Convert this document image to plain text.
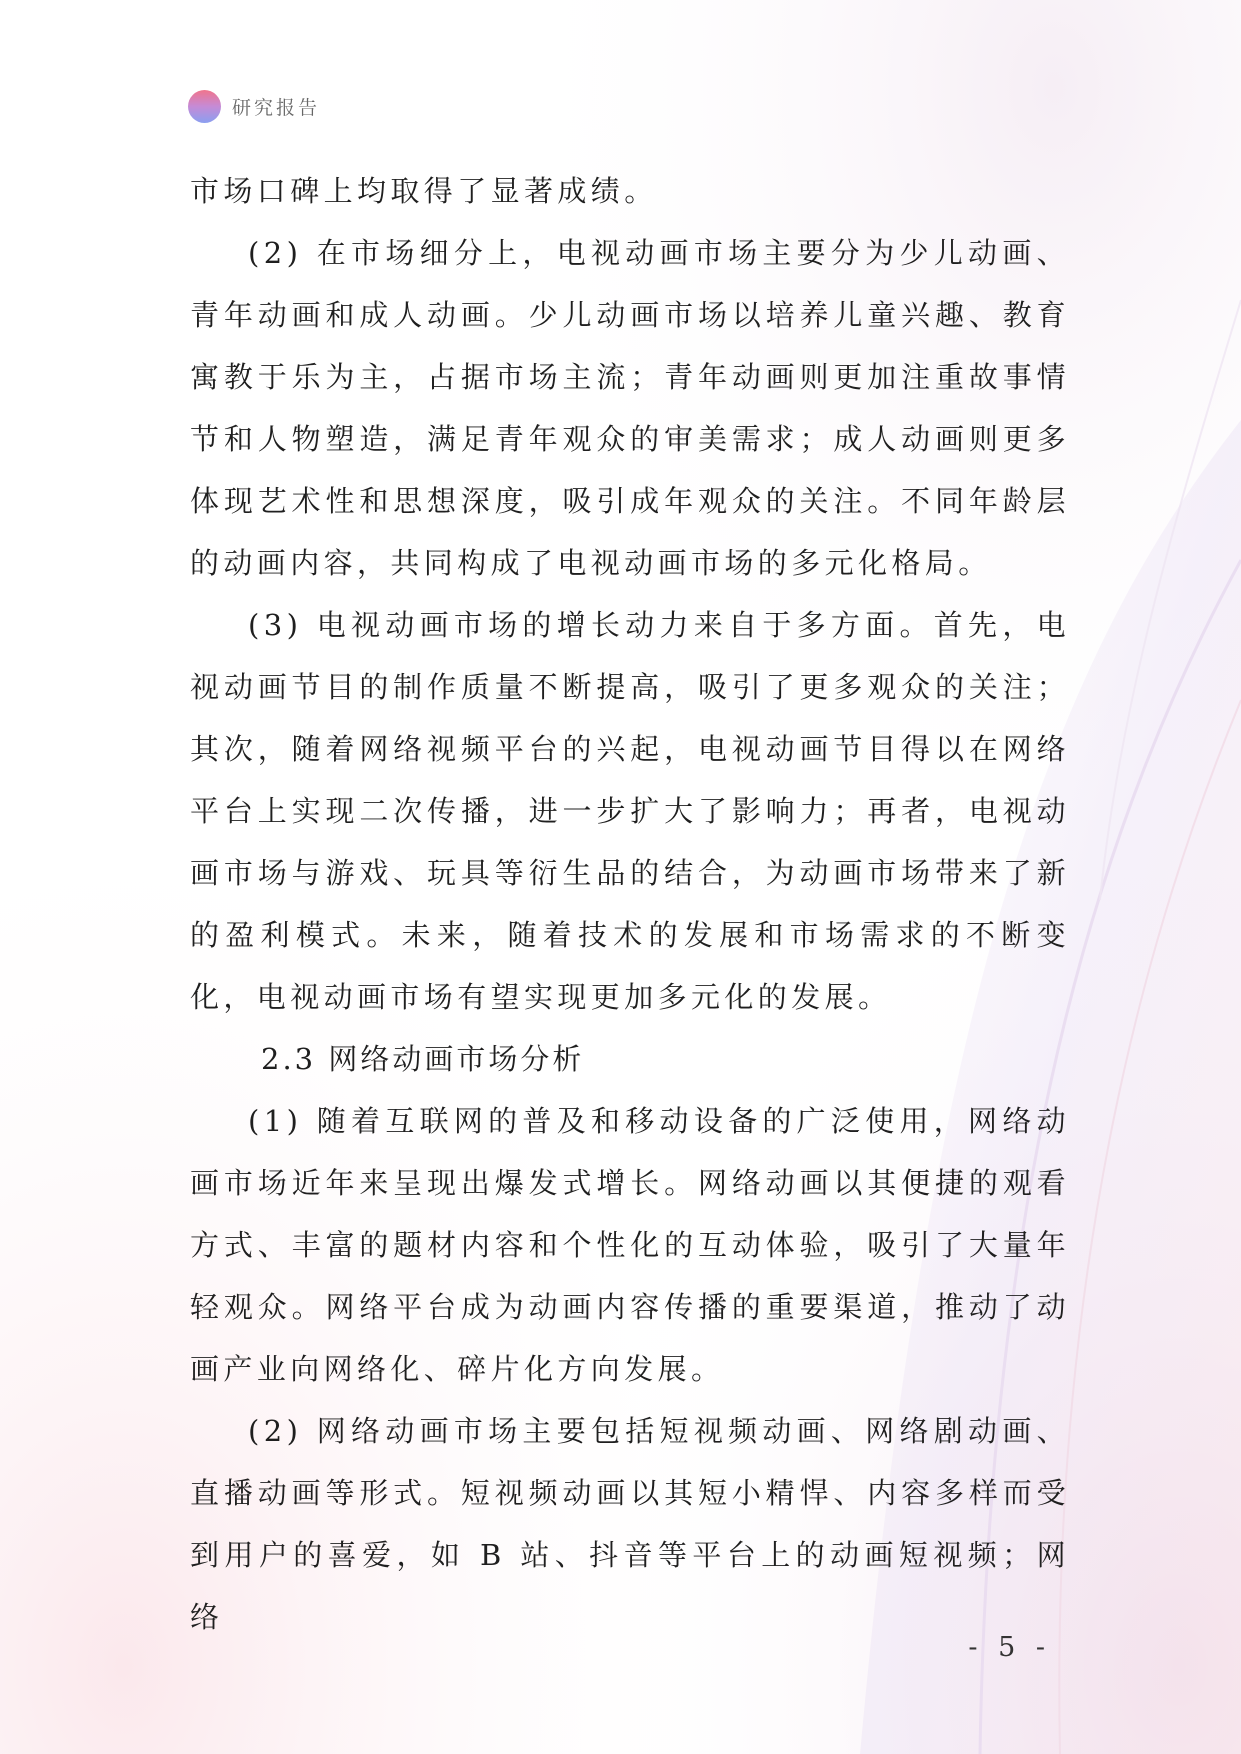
研究报告

市场口碑上均取得了显著成绩。

(2) 在市场细分上，电视动画市场主要分为少儿动画、青年动画和成人动画。少儿动画市场以培养儿童兴趣、教育寓教于乐为主，占据市场主流；青年动画则更加注重故事情节和人物塑造，满足青年观众的审美需求；成人动画则更多体现艺术性和思想深度，吸引成年观众的关注。不同年龄层的动画内容，共同构成了电视动画市场的多元化格局。

(3) 电视动画市场的增长动力来自于多方面。首先，电视动画节目的制作质量不断提高，吸引了更多观众的关注；其次，随着网络视频平台的兴起，电视动画节目得以在网络平台上实现二次传播，进一步扩大了影响力；再者，电视动画市场与游戏、玩具等衍生品的结合，为动画市场带来了新的盈利模式。未来，随着技术的发展和市场需求的不断变化，电视动画市场有望实现更加多元化的发展。

2.3 网络动画市场分析

(1) 随着互联网的普及和移动设备的广泛使用，网络动画市场近年来呈现出爆发式增长。网络动画以其便捷的观看方式、丰富的题材内容和个性化的互动体验，吸引了大量年轻观众。网络平台成为动画内容传播的重要渠道，推动了动画产业向网络化、碎片化方向发展。

(2) 网络动画市场主要包括短视频动画、网络剧动画、直播动画等形式。短视频动画以其短小精悍、内容多样而受到用户的喜爱，如 B 站、抖音等平台上的动画短视频；网络

- 5 -
